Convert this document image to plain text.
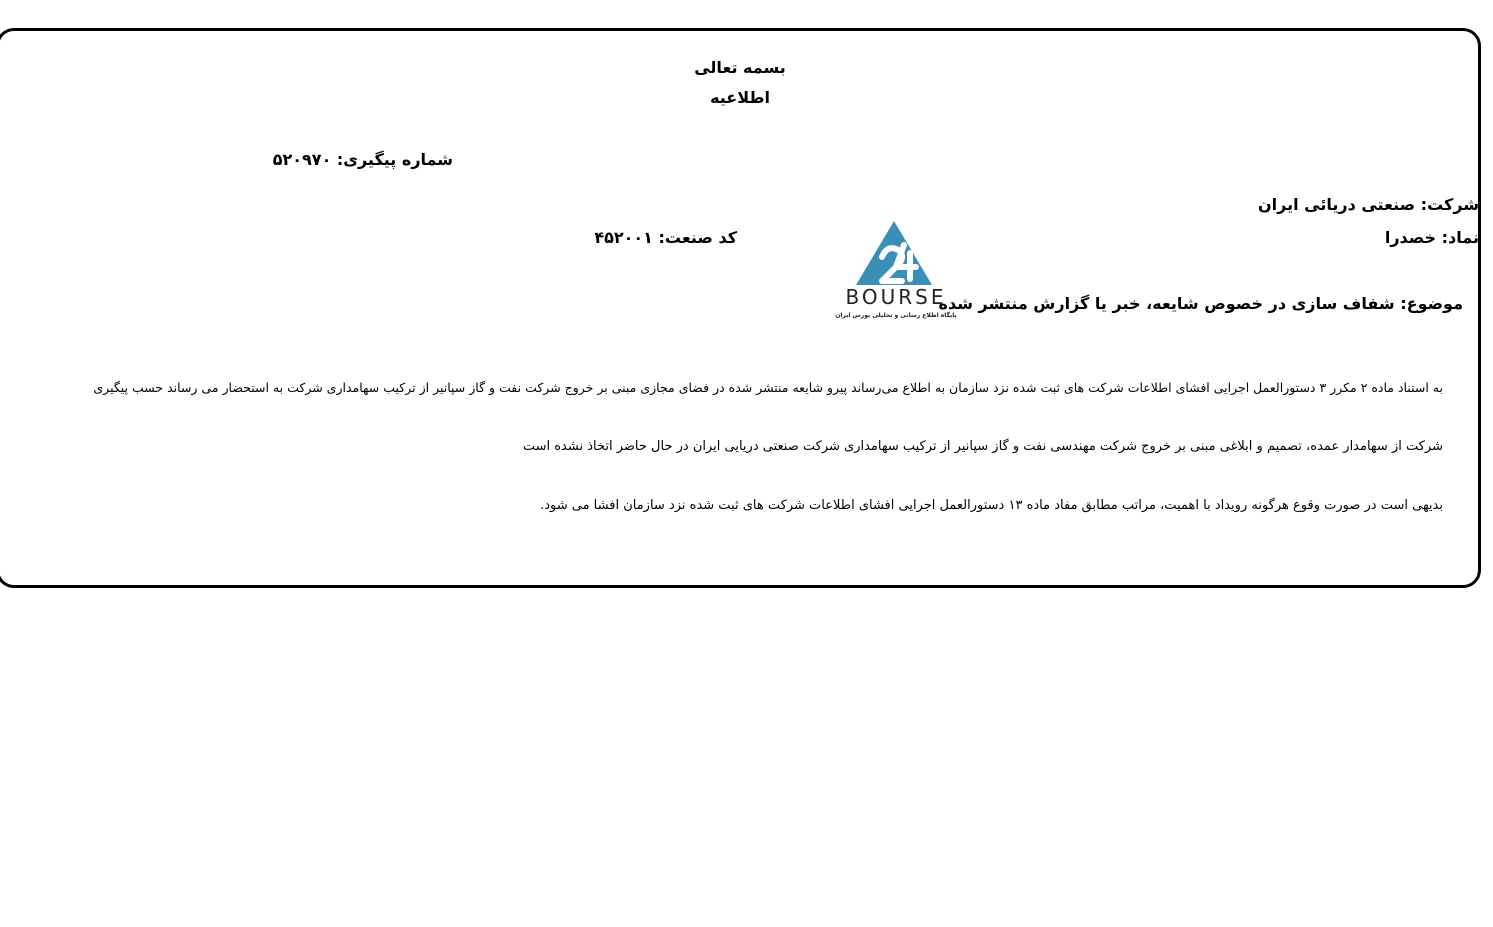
بسمه تعالی
اطلاعیه
شماره پیگیری: ۵۲۰۹۷۰
شرکت: صنعتی دریائی ایران
نماد: خصدرا
کد صنعت: ۴۵۲۰۰۱
موضوع: شفاف سازی در خصوص شایعه، خبر یا گزارش منتشر شده
BOURSE
پایگاه اطلاع رسانی و تحلیلی بورس ایران
به استناد ماده ۲ مکرر ۳ دستورالعمل اجرایی افشای اطلاعات شرکت های ثبت شده نزد سازمان به اطلاع می‌رساند پیرو شایعه منتشر شده در فضای مجازی مبنی بر خروج شرکت نفت و گاز سپانیر از ترکیب سهامداری شرکت به استحضار می رساند حسب پیگیری
شرکت از سهامدار عمده، تصمیم و ابلاغی مبنی بر خروج شرکت مهندسی نفت و گاز سپانیر از ترکیب سهامداری شرکت صنعتی دریایی ایران در حال حاضر اتخاذ نشده است
بدیهی است در صورت وقوع هرگونه رویداد با اهمیت، مراتب مطابق مفاد ماده ۱۳ دستورالعمل اجرایی افشای اطلاعات شرکت های ثبت شده نزد سازمان افشا می شود.
